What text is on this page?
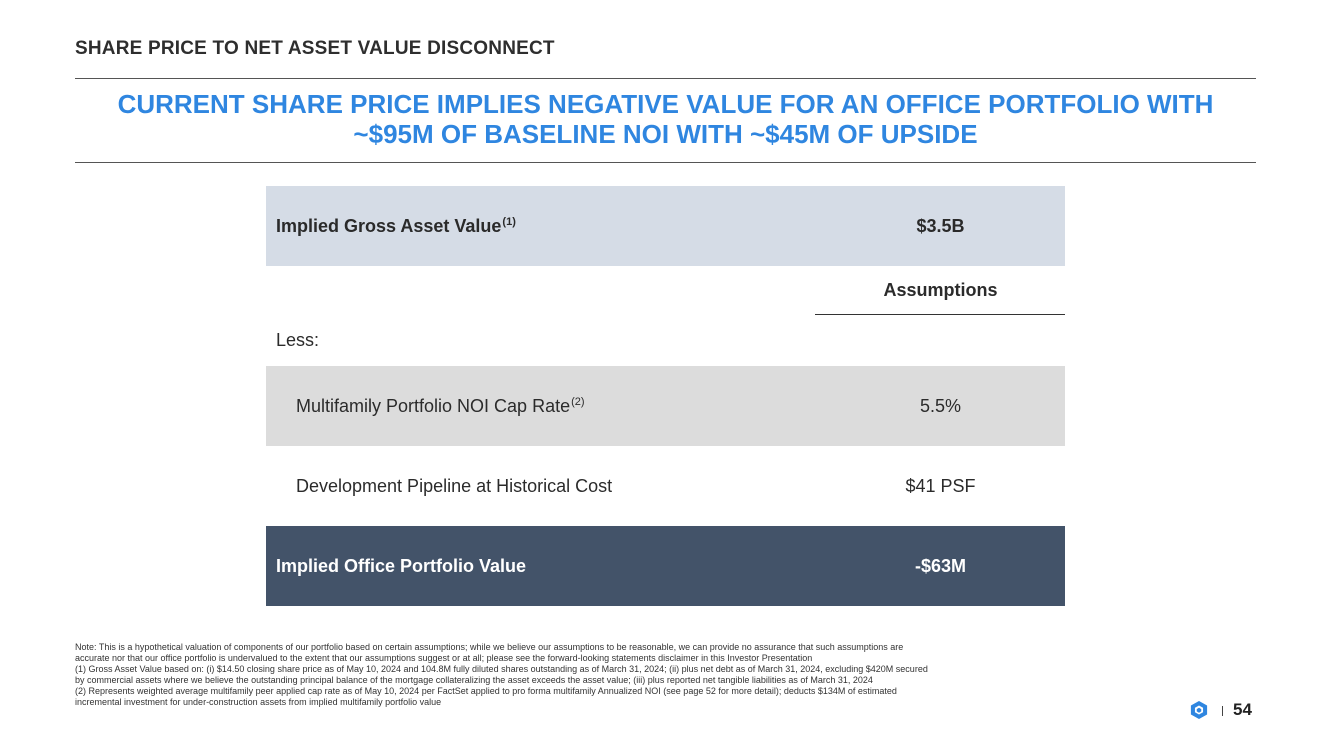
SHARE PRICE TO NET ASSET VALUE DISCONNECT
CURRENT SHARE PRICE IMPLIES NEGATIVE VALUE FOR AN OFFICE PORTFOLIO WITH
~$95M OF BASELINE NOI WITH ~$45M OF UPSIDE
Implied Gross Asset Value$^{(1)}$	$3.5B
Assumptions
Less:
Multifamily Portfolio NOI Cap Rate$^{(2)}$	5.5%
Development Pipeline at Historical Cost	$41 PSF
Implied Office Portfolio Value	-$63M
Note: This is a hypothetical valuation of components of our portfolio based on certain assumptions; while we believe our assumptions to be reasonable, we can provide no assurance that such assumptions are
accurate nor that our office portfolio is undervalued to the extent that our assumptions suggest or at all; please see the forward-looking statements disclaimer in this Investor Presentation
(1) Gross Asset Value based on: (i) $14.50 closing share price as of May 10, 2024 and 104.8M fully diluted shares outstanding as of March 31, 2024; (ii) plus net debt as of March 31, 2024, excluding $420M secured
by commercial assets where we believe the outstanding principal balance of the mortgage collateralizing the asset exceeds the asset value; (iii) plus reported net tangible liabilities as of March 31, 2024
(2) Represents weighted average multifamily peer applied cap rate as of May 10, 2024 per FactSet applied to pro forma multifamily Annualized NOI (see page 52 for more detail); deducts $134M of estimated
incremental investment for under-construction assets from implied multifamily portfolio value	54
